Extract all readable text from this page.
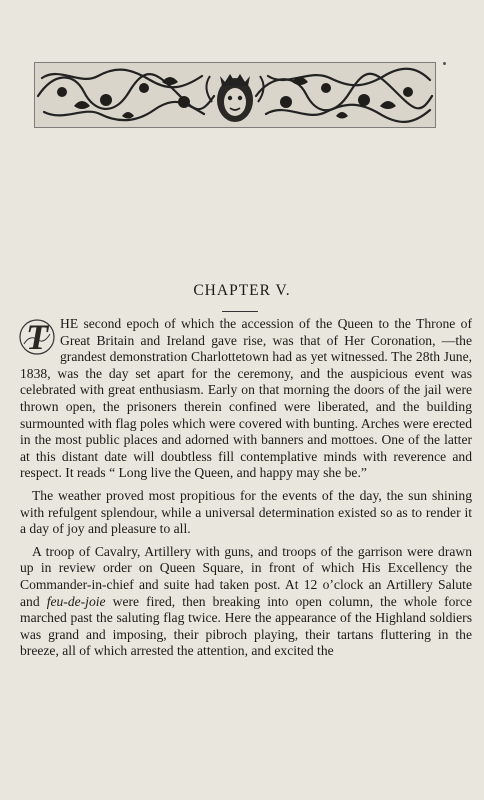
CHAPTER V.

T HE second epoch of which the accession of the Queen to the Throne of Great Britain and Ireland gave rise, was that of Her Coronation, —the grandest demonstration Charlottetown had as yet witnessed. The 28th June, 1838, was the day set apart for the ceremony, and the auspicious event was celebrated with great enthusiasm. Early on that morning the doors of the jail were thrown open, the prisoners therein confined were liberated, and the building surmounted with flag poles which were covered with bunting. Arches were erected in the most public places and adorned with banners and mottoes. One of the latter at this distant date will doubtless fill contemplative minds with reverence and respect. It reads “ Long live the Queen, and happy may she be.”

The weather proved most propitious for the events of the day, the sun shining with refulgent splendour, while a universal determination existed so as to render it a day of joy and pleasure to all.

A troop of Cavalry, Artillery with guns, and troops of the garrison were drawn up in review order on Queen Square, in front of which His Excellency the Commander-in-chief and suite had taken post. At 12 o’clock an Artillery Salute and feu-de-joie were fired, then breaking into open column, the whole force marched past the saluting flag twice. Here the appearance of the Highland soldiers was grand and imposing, their pibroch playing, their tartans fluttering in the breeze, all of which arrested the attention, and excited the
